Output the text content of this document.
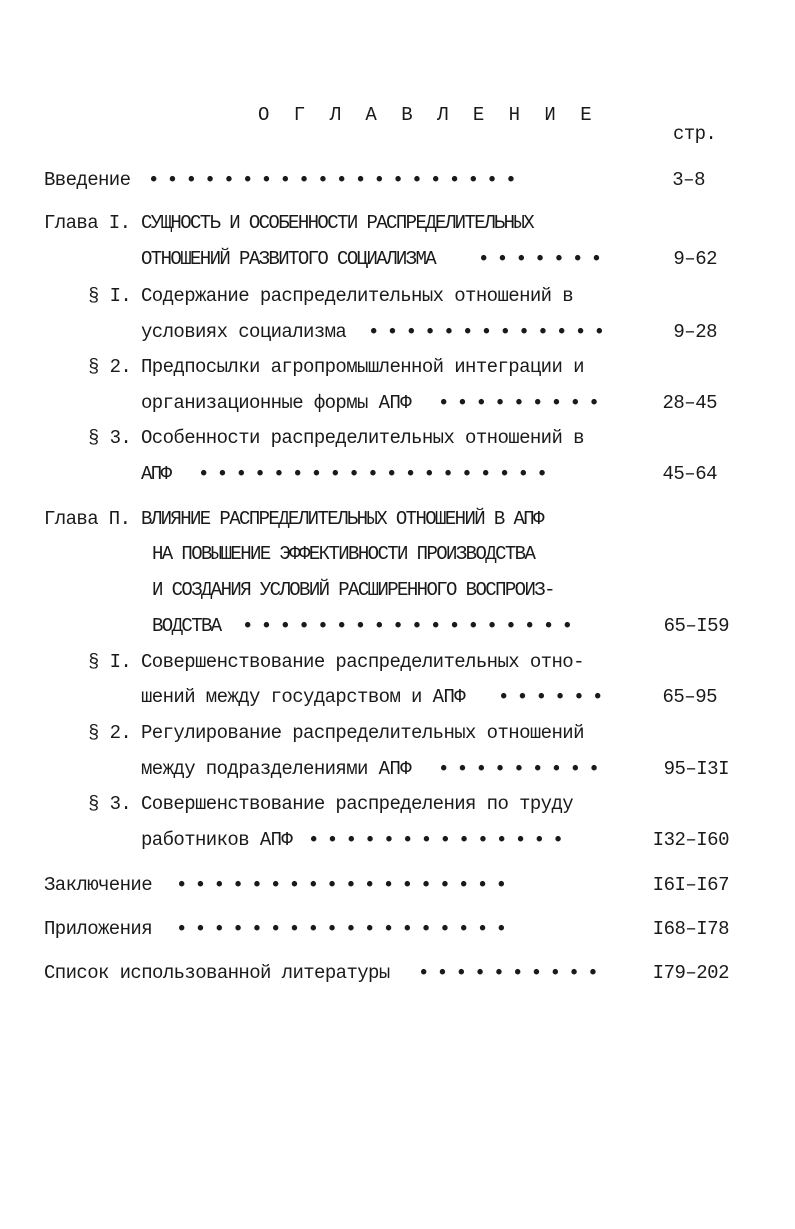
О Г Л А В Л Е Н И Е
стр.
Введение ••••••••••••••••••••	3–8
Глава I. СУЩНОСТЬ И ОСОБЕННОСТИ РАСПРЕДЕЛИТЕЛЬНЫХ
ОТНОШЕНИЙ РАЗВИТОГО СОЦИАЛИЗМА •••••••	9–62
§ I. Содержание распределительных отношений в
условиях социализма •••••••••••••	9–28
§ 2. Предпосылки агропромышленной интеграции и
организационные формы АПФ •••••••••	28–45
§ 3. Особенности распределительных отношений в
АПФ •••••••••••••••••••	45–64
Глава П. ВЛИЯНИЕ РАСПРЕДЕЛИТЕЛЬНЫХ ОТНОШЕНИЙ В АПФ
НА ПОВЫШЕНИЕ ЭФФЕКТИВНОСТИ ПРОИЗВОДСТВА
И СОЗДАНИЯ УСЛОВИЙ РАСШИРЕННОГО ВОСПРОИЗ-
ВОДСТВА ••••••••••••••••••	65–I59
§ I. Совершенствование распределительных отно-
шений между государством и АПФ ••••••	65–95
§ 2. Регулирование распределительных отношений
между подразделениями АПФ •••••••••	95–I3I
§ 3. Совершенствование распределения по труду
работников АПФ ••••••••••••••	I32–I60
Заключение ••••••••••••••••••	I6I–I67
Приложения ••••••••••••••••••	I68–I78
Список использованной литературы •••••••••• I79–202
